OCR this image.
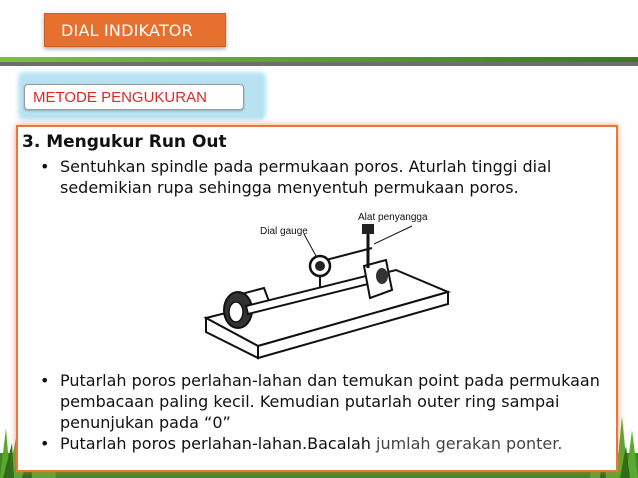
DIAL INDIKATOR
METODE PENGUKURAN
3. Mengukur Run Out
• Sentuhkan spindle pada permukaan poros. Aturlah tinggi dial sedemikian rupa sehingga menyentuh permukaan poros.
Dial gauge
Alat penyangga
• Putarlah poros perlahan-lahan dan temukan point pada permukaan pembacaan paling kecil. Kemudian putarlah outer ring sampai penunjukan pada “0”
• Putarlah poros perlahan-lahan.Bacalah jumlah gerakan ponter.
